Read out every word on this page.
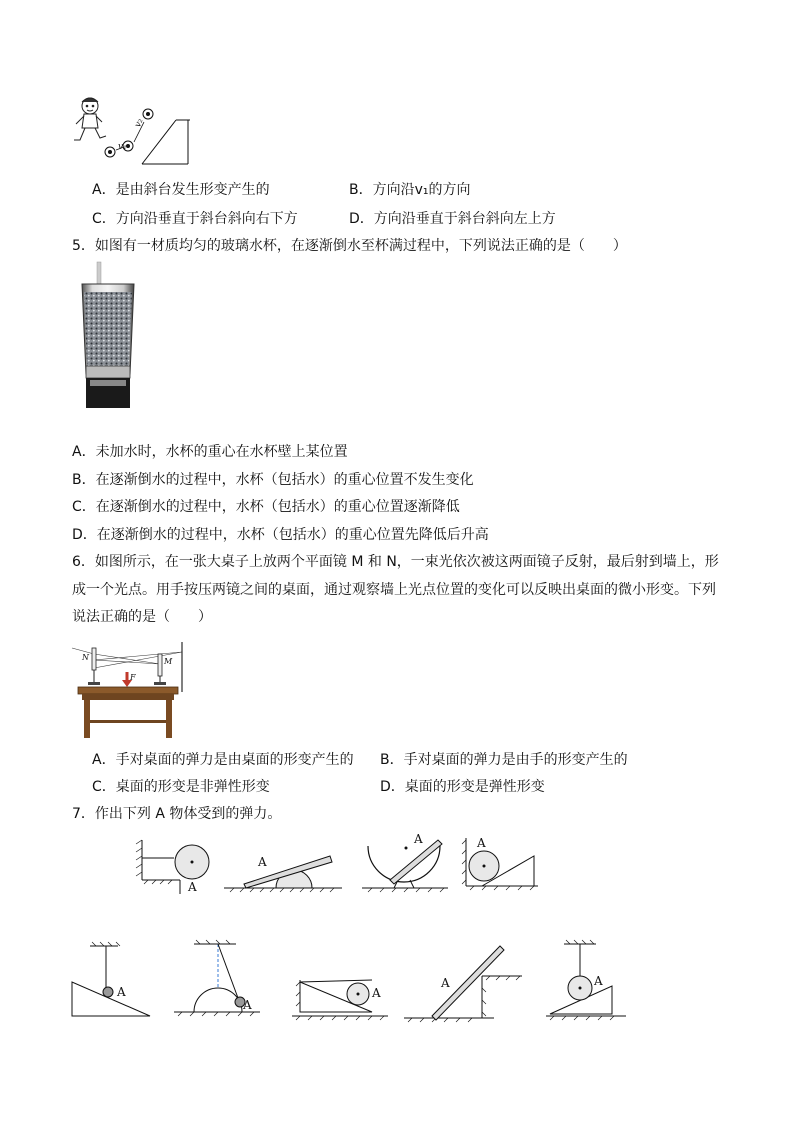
v₁
v₂
A．是由斜台发生形变产生的	B．方向沿v₁的方向
C．方向沿垂直于斜台斜向右下方	D．方向沿垂直于斜台斜向左上方
5．如图有一材质均匀的玻璃水杯，在逐渐倒水至杯满过程中，下列说法正确的是（　　）
A．未加水时，水杯的重心在水杯壁上某位置
B．在逐渐倒水的过程中，水杯（包括水）的重心位置不发生变化
C．在逐渐倒水的过程中，水杯（包括水）的重心位置逐渐降低
D．在逐渐倒水的过程中，水杯（包括水）的重心位置先降低后升高
6．如图所示，在一张大桌子上放两个平面镜 M 和 N，一束光依次被这两面镜子反射，最后射到墙上，形
成一个光点。用手按压两镜之间的桌面，通过观察墙上光点位置的变化可以反映出桌面的微小形变。下列
说法正确的是（　　）
N	M
F
A．手对桌面的弹力是由桌面的形变产生的 B．手对桌面的弹力是由手的形变产生的
C．桌面的形变是非弹性形变	D．桌面的形变是弹性形变
7．作出下列 A 物体受到的弹力。
A
A
A	A
A
A
A
A	A
